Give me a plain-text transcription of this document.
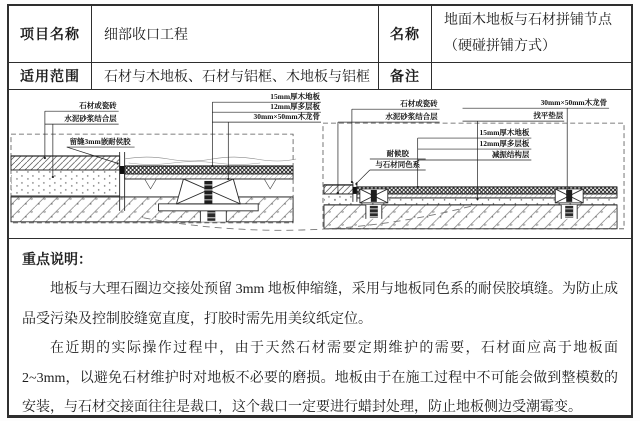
项目名称	细部收口工程	名称
地面木地板与石材拼铺节点
（硬碰拼铺方式）
适用范围	石材与木地板、石材与铝框、木地板与铝框	备注
石材或瓷砖
水泥砂浆结合层
留缝3mm嵌耐侯胶
15mm厚木地板
12mm厚多层板
30mm×50mm木龙骨
石材或瓷砖
水泥砂浆结合层
30mm×50mm木龙骨
找平垫层
15mm厚木地板
12mm厚多层板
减振结构层
耐候胶
与石材同色系
重点说明：

地板与大理石圈边交接处预留 3mm 地板伸缩缝，采用与地板同色系的耐侯胶填缝。为防止成品受污染及控制胶缝宽直度，打胶时需先用美纹纸定位。

在近期的实际操作过程中，由于天然石材需要定期维护的需要，石材面应高于地板面 2~3mm，以避免石材维护时对地板不必要的磨损。地板由于在施工过程中不可能会做到整模数的安装，与石材交接面往往是裁口，这个裁口一定要进行蜡封处理，防止地板侧边受潮霉变。
